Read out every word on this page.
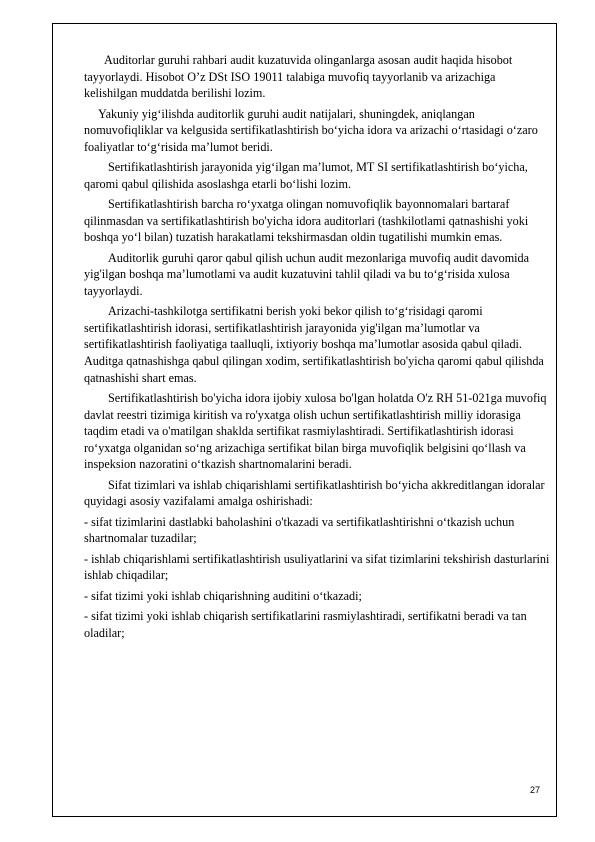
Auditorlar guruhi rahbari audit kuzatuvida olinganlarga asosan audit haqida hisobot tayyorlaydi. Hisobot O’z DSt ISO 19011 talabiga muvofiq tayyorlanib va arizachiga kelishilgan muddatda berilishi lozim.

Yakuniy yig‘ilishda auditorlik guruhi audit natijalari, shuningdek, aniqlangan nomuvofiqliklar va kelgusida sertifikatlashtirish bo‘yicha idora va arizachi o‘rtasidagi o‘zaro foaliyatlar to‘g‘risida ma’lumot beridi.

Sertifikatlashtirish jarayonida yig‘ilgan ma’lumot, MT SI sertifikatlashtirish bo‘yicha, qaromi qabul qilishida asoslashga etarli bo‘lishi lozim.

Sertifikatlashtirish barcha ro‘yxatga olingan nomuvofiqlik bayonnomalari bartaraf qilinmasdan va sertifikatlashtirish bo'yicha idora auditorlari (tashkilotlami qatnashishi yoki boshqa yo‘l bilan) tuzatish harakatlami tekshirmasdan oldin tugatilishi mumkin emas.

Auditorlik guruhi qaror qabul qilish uchun audit mezonlariga muvofiq audit davomida yig'ilgan boshqa ma’lumotlami va audit kuzatuvini tahlil qiladi va bu to‘g‘risida xulosa tayyorlaydi.

Arizachi-tashkilotga sertifikatni berish yoki bekor qilish to‘g‘risidagi qaromi sertifikatlashtirish idorasi, sertifikatlashtirish jarayonida yig'ilgan ma’lumotlar va sertifikatlashtirish faoliyatiga taalluqli, ixtiyoriy boshqa ma’lumotlar asosida qabul qiladi. Auditga qatnashishga qabul qilingan xodim, sertifikatlashtirish bo'yicha qaromi qabul qilishda qatnashishi shart emas.

Sertifikatlashtirish bo'yicha idora ijobiy xulosa bo'lgan holatda O'z RH 51-021ga muvofiq davlat reestri tizimiga kiritish va ro'yxatga olish uchun sertifikatlashtirish milliy idorasiga taqdim etadi va o'matilgan shaklda sertifikat rasmiylashtiradi. Sertifikatlashtirish idorasi ro‘yxatga olganidan so‘ng arizachiga sertifikat bilan birga muvofiqlik belgisini qo‘llash va inspeksion nazoratini o‘tkazish shartnomalarini beradi.

Sifat tizimlari va ishlab chiqarishlami sertifikatlashtirish bo‘yicha akkreditlangan idoralar quyidagi asosiy vazifalami amalga oshirishadi:

- sifat tizimlarini dastlabki baholashini o'tkazadi va sertifikatlashtirishni o‘tkazish uchun shartnomalar tuzadilar;

- ishlab chiqarishlami sertifikatlashtirish usuliyatlarini va sifat tizimlarini tekshirish dasturlarini ishlab chiqadilar;

- sifat tizimi yoki ishlab chiqarishning auditini o‘tkazadi;

- sifat tizimi yoki ishlab chiqarish sertifikatlarini rasmiylashtiradi, sertifikatni beradi va tan oladilar;

27
